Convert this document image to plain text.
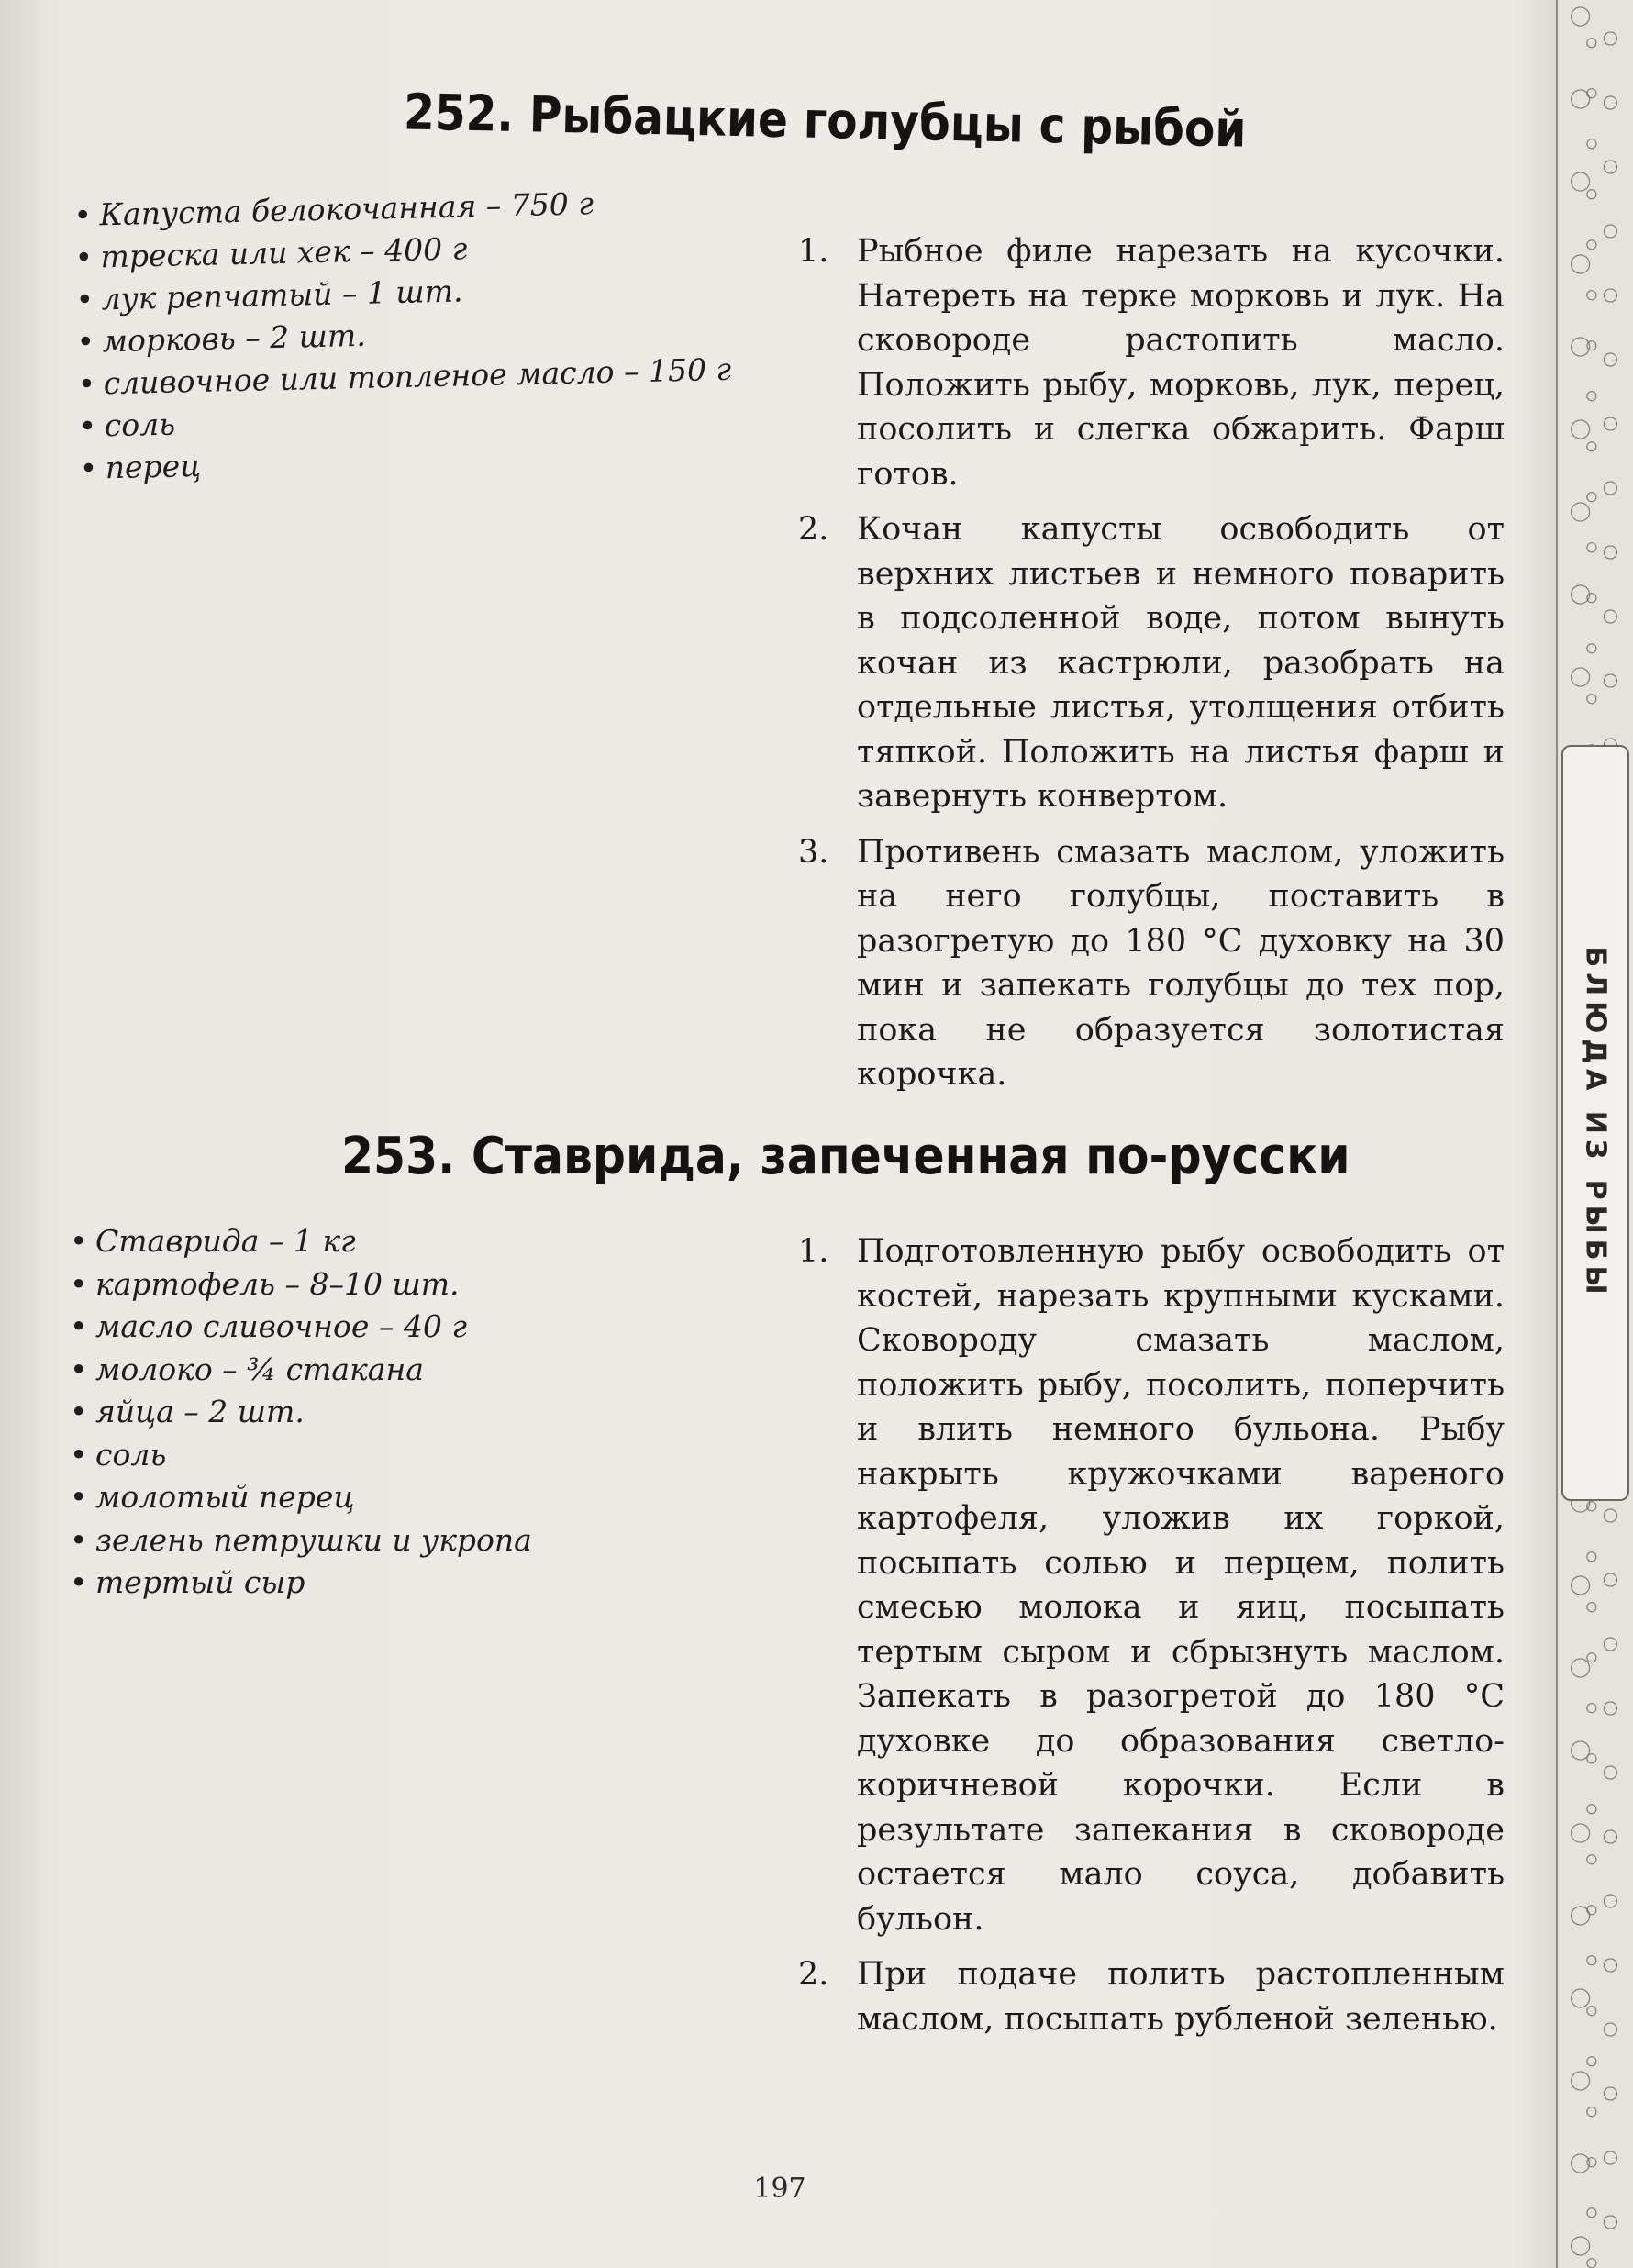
БЛЮДА ИЗ РЫБЫ
252. Рыбацкие голубцы с рыбой
• Капуста белокочанная – 750 г
• треска или хек – 400 г
• лук репчатый – 1 шт.
• морковь – 2 шт.
• сливочное или топленое масло – 150 г
• соль
• перец
1. Рыбное филе нарезать на кусочки. Натереть на терке морковь и лук. На сковороде растопить масло. Положить рыбу, морковь, лук, перец, посолить и слегка обжарить. Фарш готов.
2. Кочан капусты освободить от верхних листьев и немного поварить в подсоленной воде, потом вынуть кочан из кастрюли, разобрать на отдельные листья, утолщения отбить тяпкой. Положить на листья фарш и завернуть конвертом.
3. Противень смазать маслом, уложить на него голубцы, поставить в разогретую до 180 °С духовку на 30 мин и запекать голубцы до тех пор, пока не образуется золотистая корочка.
253. Ставрида, запеченная по-русски
• Ставрида – 1 кг
• картофель – 8–10 шт.
• масло сливочное – 40 г
• молоко – ¾ стакана
• яйца – 2 шт.
• соль
• молотый перец
• зелень петрушки и укропа
• тертый сыр
1. Подготовленную рыбу освободить от костей, нарезать крупными кусками. Сковороду смазать маслом, положить рыбу, посолить, поперчить и влить немного бульона. Рыбу накрыть кружочками вареного картофеля, уложив их горкой, посыпать солью и перцем, полить смесью молока и яиц, посыпать тертым сыром и сбрызнуть маслом. Запекать в разогретой до 180 °С духовке до образования светло-коричневой корочки. Если в результате запекания в сковороде остается мало соуса, добавить бульон.
2. При подаче полить растопленным маслом, посыпать рубленой зеленью.
197
